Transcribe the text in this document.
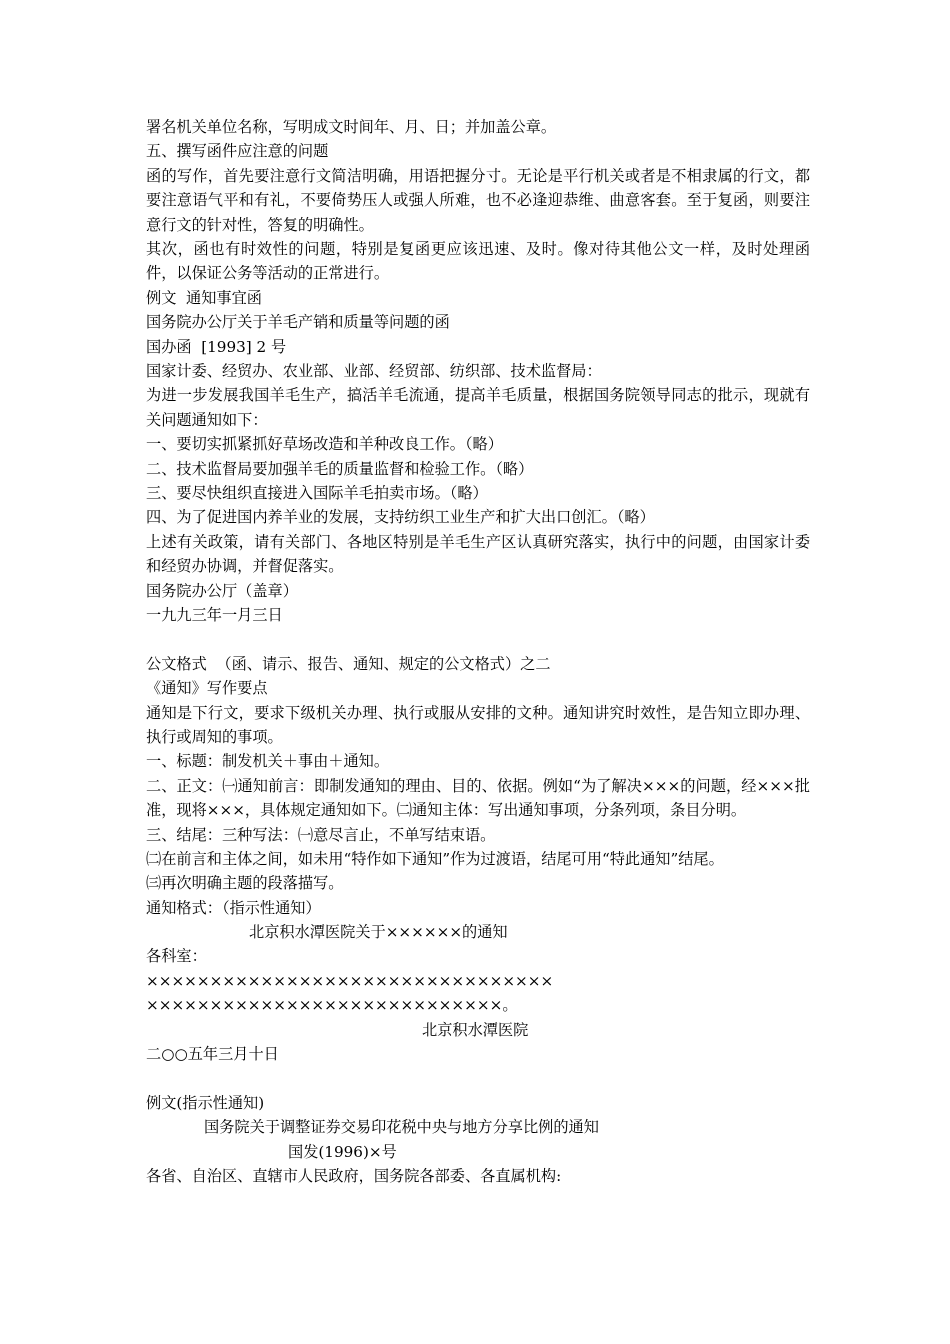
署名机关单位名称，写明成文时间年、月、日；并加盖公章。
五、撰写函件应注意的问题
函的写作，首先要注意行文简洁明确，用语把握分寸。无论是平行机关或者是不相隶属的行文，都要注意语气平和有礼，不要倚势压人或强人所难，也不必逢迎恭维、曲意客套。至于复函，则要注意行文的针对性，答复的明确性。
其次，函也有时效性的问题，特别是复函更应该迅速、及时。像对待其他公文一样，及时处理函件，以保证公务等活动的正常进行。
例文  通知事宜函
国务院办公厅关于羊毛产销和质量等问题的函
国办函  [1993] 2 号
国家计委、经贸办、农业部、业部、经贸部、纺织部、技术监督局：
为进一步发展我国羊毛生产，搞活羊毛流通，提高羊毛质量，根据国务院领导同志的批示，现就有关问题通知如下：
一、要切实抓紧抓好草场改造和羊种改良工作。（略）
二、技术监督局要加强羊毛的质量监督和检验工作。（略）
三、要尽快组织直接进入国际羊毛拍卖市场。（略）
四、为了促进国内养羊业的发展，支持纺织工业生产和扩大出口创汇。（略）
上述有关政策，请有关部门、各地区特别是羊毛生产区认真研究落实，执行中的问题，由国家计委和经贸办协调，并督促落实。
国务院办公厅（盖章）
一九九三年一月三日
公文格式  （函、请示、报告、通知、规定的公文格式）之二
《通知》写作要点
通知是下行文，要求下级机关办理、执行或服从安排的文种。通知讲究时效性，是告知立即办理、执行或周知的事项。
一、标题：制发机关＋事由＋通知。
二、正文：㈠通知前言：即制发通知的理由、目的、依据。例如“为了解决×××的问题，经×××批准，现将×××，具体规定通知如下。㈡通知主体：写出通知事项，分条列项，条目分明。
三、结尾：三种写法：㈠意尽言止，不单写结束语。
㈡在前言和主体之间，如未用“特作如下通知”作为过渡语，结尾可用“特此通知”结尾。
㈢再次明确主题的段落描写。
通知格式：（指示性通知）
北京积水潭医院关于××××××的通知
各科室：
××××××××××××××××××××××××××××××××
××××××××××××××××××××××××××××。
北京积水潭医院
二○○五年三月十日
例文(指示性通知)
国务院关于调整证券交易印花税中央与地方分享比例的通知
国发(1996)×号
各省、自治区、直辖市人民政府，国务院各部委、各直属机构:
